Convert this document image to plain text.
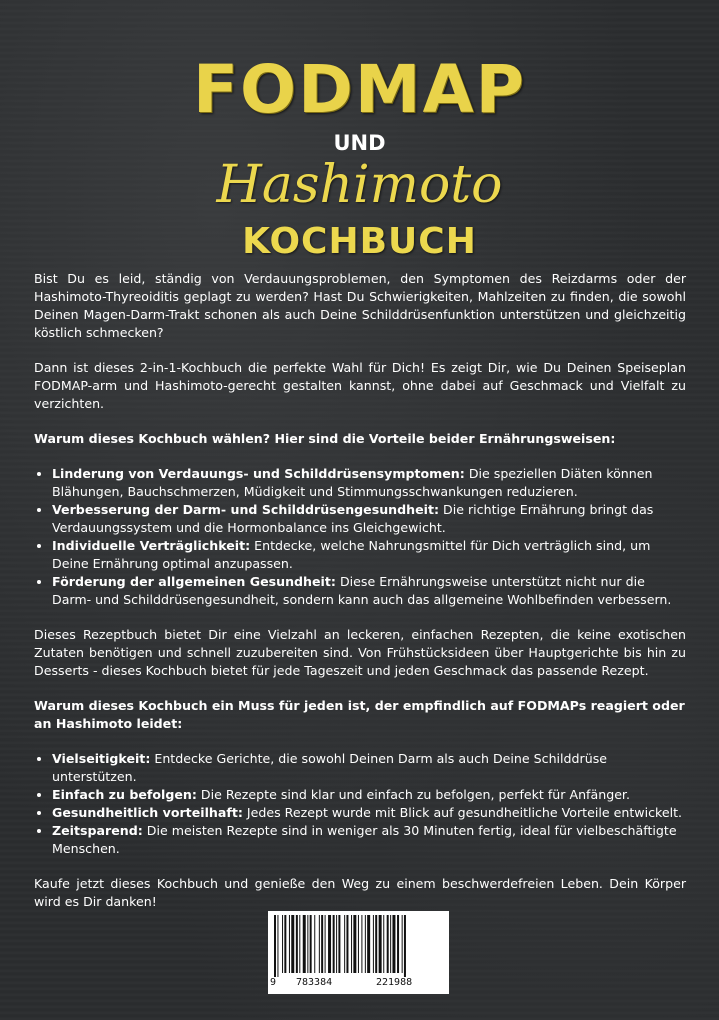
FODMAP
UND
Hashimoto
KOCHBUCH

Bist Du es leid, ständig von Verdauungsproblemen, den Symptomen des Reizdarms oder der Hashimoto-Thyreoiditis geplagt zu werden? Hast Du Schwierigkeiten, Mahlzeiten zu finden, die sowohl Deinen Magen-Darm-Trakt schonen als auch Deine Schilddrüsenfunktion unterstützen und gleichzeitig köstlich schmecken?

Dann ist dieses 2-in-1-Kochbuch die perfekte Wahl für Dich! Es zeigt Dir, wie Du Deinen Speiseplan FODMAP-arm und Hashimoto-gerecht gestalten kannst, ohne dabei auf Geschmack und Vielfalt zu verzichten.

Warum dieses Kochbuch wählen? Hier sind die Vorteile beider Ernährungsweisen:

• Linderung von Verdauungs- und Schilddrüsensymptomen: Die speziellen Diäten können Blähungen, Bauchschmerzen, Müdigkeit und Stimmungsschwankungen reduzieren.
• Verbesserung der Darm- und Schilddrüsengesundheit: Die richtige Ernährung bringt das Verdauungssystem und die Hormonbalance ins Gleichgewicht.
• Individuelle Verträglichkeit: Entdecke, welche Nahrungsmittel für Dich verträglich sind, um Deine Ernährung optimal anzupassen.
• Förderung der allgemeinen Gesundheit: Diese Ernährungsweise unterstützt nicht nur die Darm- und Schilddrüsengesundheit, sondern kann auch das allgemeine Wohlbefinden verbessern.

Dieses Rezeptbuch bietet Dir eine Vielzahl an leckeren, einfachen Rezepten, die keine exotischen Zutaten benötigen und schnell zuzubereiten sind. Von Frühstücksideen über Hauptgerichte bis hin zu Desserts - dieses Kochbuch bietet für jede Tageszeit und jeden Geschmack das passende Rezept.

Warum dieses Kochbuch ein Muss für jeden ist, der empfindlich auf FODMAPs reagiert oder an Hashimoto leidet:

• Vielseitigkeit: Entdecke Gerichte, die sowohl Deinen Darm als auch Deine Schilddrüse unterstützen.
• Einfach zu befolgen: Die Rezepte sind klar und einfach zu befolgen, perfekt für Anfänger.
• Gesundheitlich vorteilhaft: Jedes Rezept wurde mit Blick auf gesundheitliche Vorteile entwickelt.
• Zeitsparend: Die meisten Rezepte sind in weniger als 30 Minuten fertig, ideal für vielbeschäftigte Menschen.

Kaufe jetzt dieses Kochbuch und genieße den Weg zu einem beschwerdefreien Leben. Dein Körper wird es Dir danken!

9 783384	221988
